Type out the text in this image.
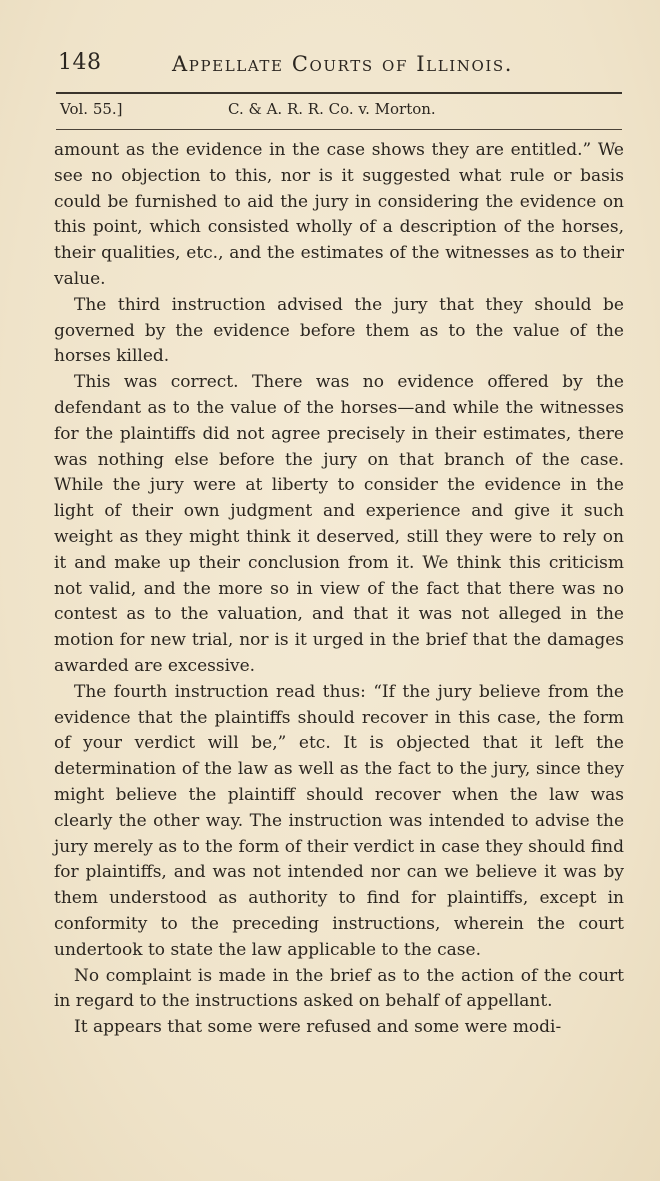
148	Appellate Courts of Illinois.
Vol. 55.]	C. & A. R. R. Co. v. Morton.

amount as the evidence in the case shows they are entitled.” We see no objection to this, nor is it suggested what rule or basis could be furnished to aid the jury in considering the evidence on this point, which consisted wholly of a description of the horses, their qualities, etc., and the estimates of the witnesses as to their value.

The third instruction advised the jury that they should be governed by the evidence before them as to the value of the horses killed.

This was correct. There was no evidence offered by the defendant as to the value of the horses—and while the witnesses for the plaintiffs did not agree precisely in their estimates, there was nothing else before the jury on that branch of the case. While the jury were at liberty to consider the evidence in the light of their own judgment and experience and give it such weight as they might think it deserved, still they were to rely on it and make up their conclusion from it. We think this criticism not valid, and the more so in view of the fact that there was no contest as to the valuation, and that it was not alleged in the motion for new trial, nor is it urged in the brief that the damages awarded are excessive.

The fourth instruction read thus: “If the jury believe from the evidence that the plaintiffs should recover in this case, the form of your verdict will be,” etc. It is objected that it left the determination of the law as well as the fact to the jury, since they might believe the plaintiff should recover when the law was clearly the other way. The instruction was intended to advise the jury merely as to the form of their verdict in case they should find for plaintiffs, and was not intended nor can we believe it was by them understood as authority to find for plaintiffs, except in conformity to the preceding instructions, wherein the court undertook to state the law applicable to the case.

No complaint is made in the brief as to the action of the court in regard to the instructions asked on behalf of appellant.

It appears that some were refused and some were modi-
